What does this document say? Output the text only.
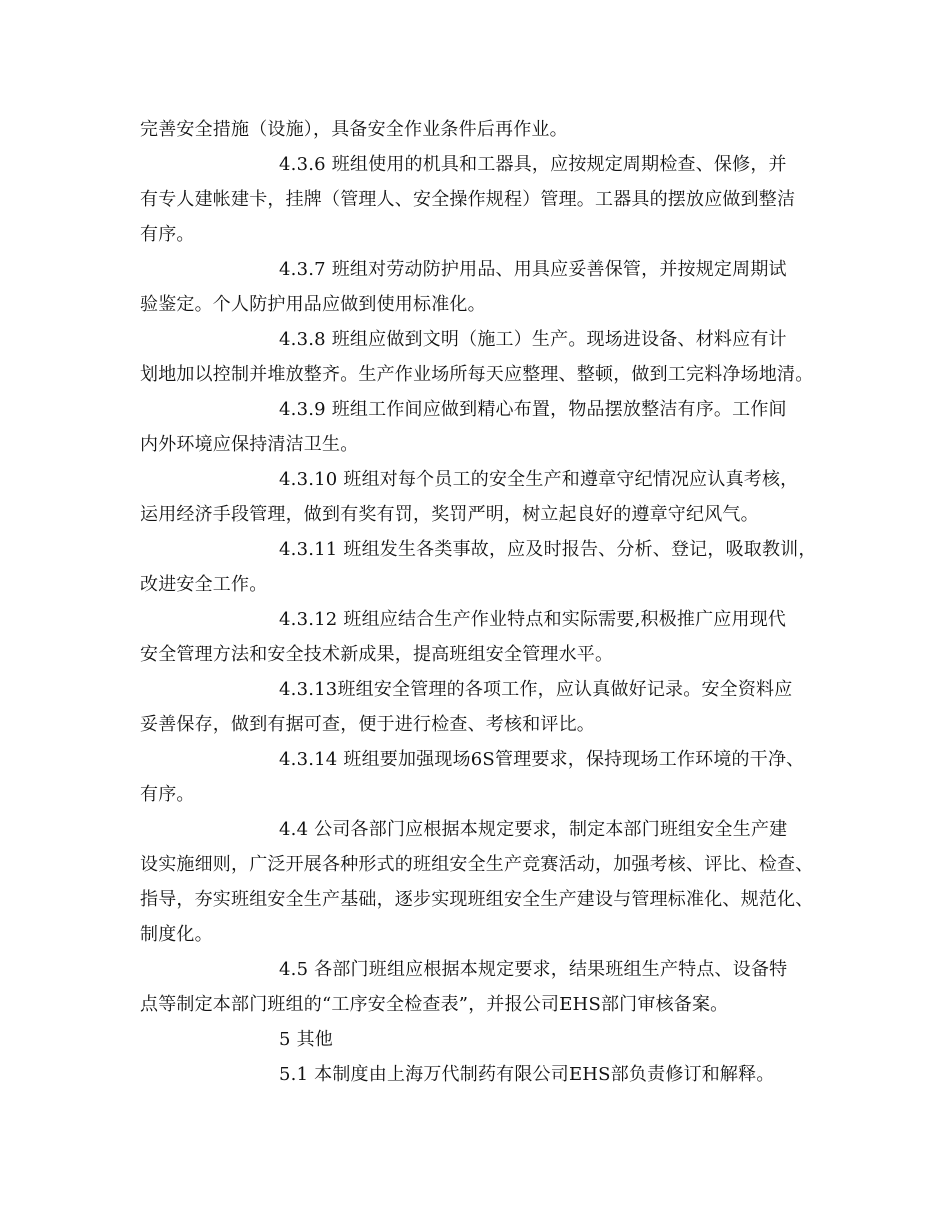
完善安全措施（设施），具备安全作业条件后再作业。
4.3.6 班组使用的机具和工器具，应按规定周期检查、保修，并
有专人建帐建卡，挂牌（管理人、安全操作规程）管理。工器具的摆放应做到整洁
有序。
4.3.7 班组对劳动防护用品、用具应妥善保管，并按规定周期试
验鉴定。个人防护用品应做到使用标准化。
4.3.8 班组应做到文明（施工）生产。现场进设备、材料应有计
划地加以控制并堆放整齐。生产作业场所每天应整理、整顿，做到工完料净场地清。
4.3.9 班组工作间应做到精心布置，物品摆放整洁有序。工作间
内外环境应保持清洁卫生。
4.3.10 班组对每个员工的安全生产和遵章守纪情况应认真考核，
运用经济手段管理，做到有奖有罚，奖罚严明，树立起良好的遵章守纪风气。
4.3.11 班组发生各类事故，应及时报告、分析、登记，吸取教训，
改进安全工作。
4.3.12 班组应结合生产作业特点和实际需要,积极推广应用现代
安全管理方法和安全技术新成果，提高班组安全管理水平。
4.3.13班组安全管理的各项工作，应认真做好记录。安全资料应
妥善保存，做到有据可查，便于进行检查、考核和评比。
4.3.14 班组要加强现场6S管理要求，保持现场工作环境的干净、
有序。
4.4 公司各部门应根据本规定要求，制定本部门班组安全生产建
设实施细则，广泛开展各种形式的班组安全生产竞赛活动，加强考核、评比、检查、
指导，夯实班组安全生产基础，逐步实现班组安全生产建设与管理标准化、规范化、
制度化。
4.5 各部门班组应根据本规定要求，结果班组生产特点、设备特
点等制定本部门班组的“工序安全检查表”，并报公司EHS部门审核备案。
5 其他
5.1 本制度由上海万代制药有限公司EHS部负责修订和解释。
